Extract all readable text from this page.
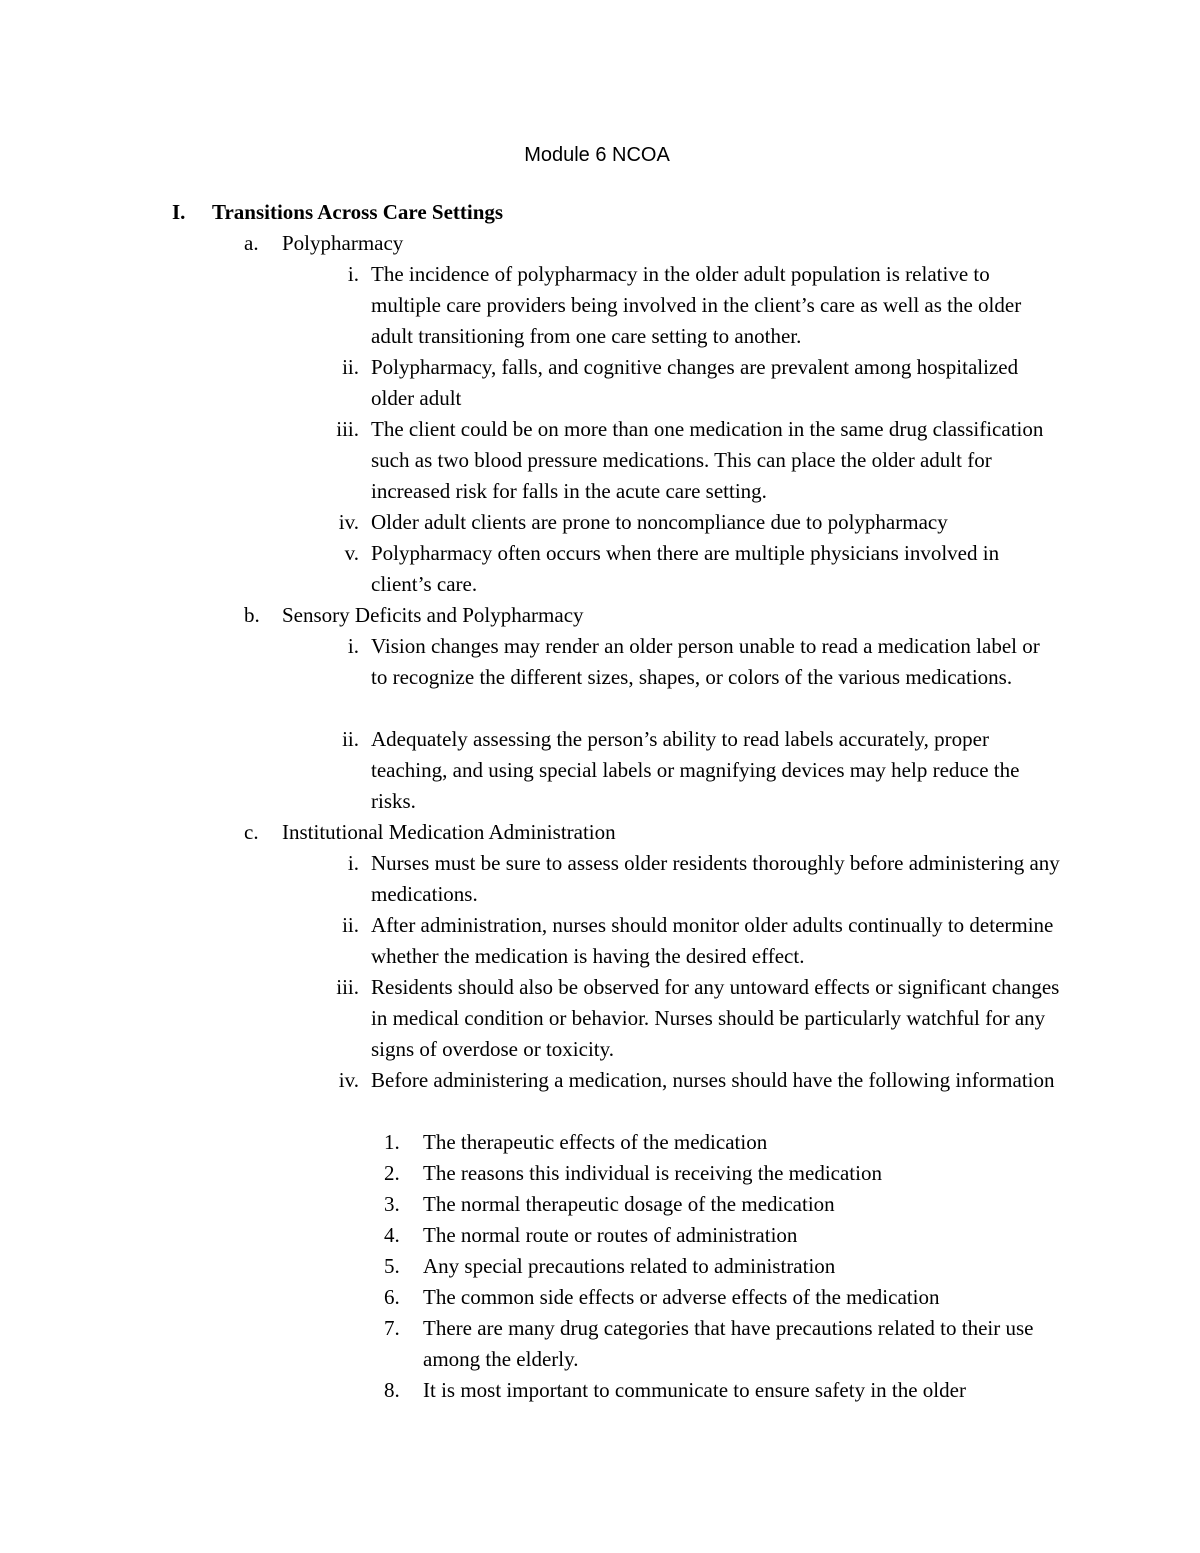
Module 6 NCOA
I.	Transitions Across Care Settings
a.	Polypharmacy
i. The incidence of polypharmacy in the older adult population is relative to multiple care providers being involved in the client’s care as well as the older adult transitioning from one care setting to another.
ii. Polypharmacy, falls, and cognitive changes are prevalent among hospitalized older adult
iii. The client could be on more than one medication in the same drug classification such as two blood pressure medications. This can place the older adult for increased risk for falls in the acute care setting.
iv. Older adult clients are prone to noncompliance due to polypharmacy
v. Polypharmacy often occurs when there are multiple physicians involved in client’s care.
b.	Sensory Deficits and Polypharmacy
i. Vision changes may render an older person unable to read a medication label or to recognize the different sizes, shapes, or colors of the various medications.
ii. Adequately assessing the person’s ability to read labels accurately, proper teaching, and using special labels or magnifying devices may help reduce the risks.
c.	Institutional Medication Administration
i. Nurses must be sure to assess older residents thoroughly before administering any medications.
ii. After administration, nurses should monitor older adults continually to determine whether the medication is having the desired effect.
iii. Residents should also be observed for any untoward effects or significant changes in medical condition or behavior. Nurses should be particularly watchful for any signs of overdose or toxicity.
iv. Before administering a medication, nurses should have the following information
1.	The therapeutic effects of the medication
2.	The reasons this individual is receiving the medication
3.	The normal therapeutic dosage of the medication
4.	The normal route or routes of administration
5.	Any special precautions related to administration
6.	The common side effects or adverse effects of the medication
7.	There are many drug categories that have precautions related to their use among the elderly.
8.	It is most important to communicate to ensure safety in the older
